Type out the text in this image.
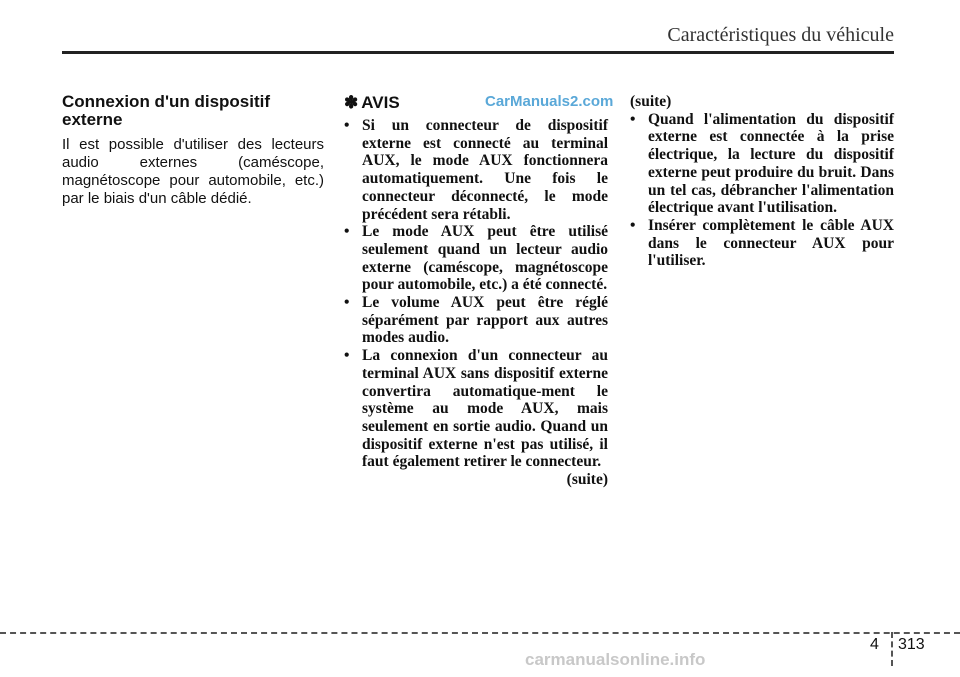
Caractéristiques du véhicule
Connexion d'un dispositif externe

Il est possible d'utiliser des lecteurs audio externes (caméscope, magnétoscope pour automobile, etc.) par le biais d'un câble dédié.

CarManuals2.com
✽ AVIS
• Si un connecteur de dispositif externe est connecté au terminal AUX, le mode AUX fonctionnera automatiquement. Une fois le connecteur déconnecté, le mode précédent sera rétabli.
• Le mode AUX peut être utilisé seulement quand un lecteur audio externe (caméscope, magnétoscope pour automobile, etc.) a été connecté.
• Le volume AUX peut être réglé séparément par rapport aux autres modes audio.
• La connexion d'un connecteur au terminal AUX sans dispositif externe convertira automatique-ment le système au mode AUX, mais seulement en sortie audio. Quand un dispositif externe n'est pas utilisé, il faut également retirer le connecteur.

(suite)

(suite)

• Quand l'alimentation du dispositif externe est connectée à la prise électrique, la lecture du dispositif externe peut produire du bruit. Dans un tel cas, débrancher l'alimentation électrique avant l'utilisation.
• Insérer complètement le câble AUX dans le connecteur AUX pour l'utiliser.
4 313
carmanualsonline.info
